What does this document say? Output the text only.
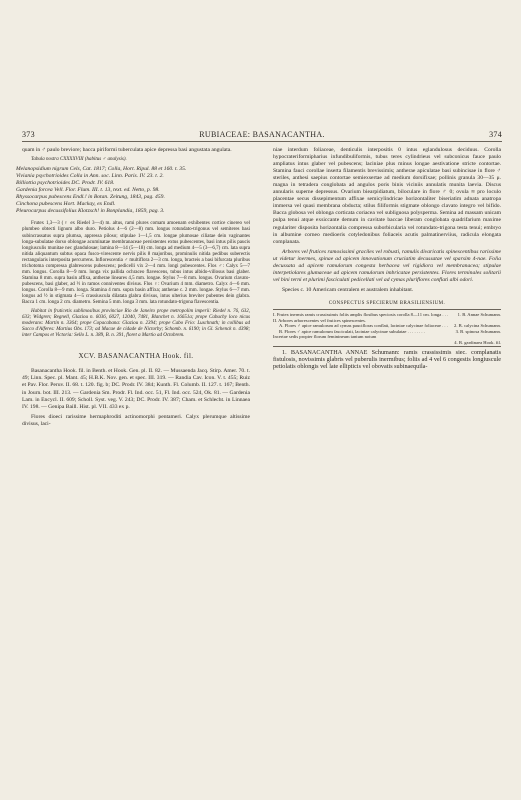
373	RUBIACEAE: BASANACANTHA.	374

quam in ♂ paulo breviore; bacca piriformi tuberculata apice depressa basi angustata angulata.

Tabula nostra CXXXXVIII (habitus ♂ analysis).

Melanopsidium nigrum Cels, Cat. 1817; Colla, Hort. Ripul. 88 et 160. t. 35.

Viviania psychotrioides Colla in Ann. soc. Linn. Paris. IV. 23. t. 2.

Billiottia psychotrioides DC. Prodr. IV. 618.

Gardenia forcea Vell. Flor. Flum. III. t. 13, text. ed. Netto, p. 98.

Rhyssocarpus pubescens Endl.! in Botan. Zeitung, 1843, pag. 459.

Cinchona pubescens Hort. Mackay, ex Endl.

Pleurocarpus decussifolius Klotzsch! in Bonplandia, 1859, pag. 3.

Frutex 1,3—3 (♀ ex Riedel 3—4) m. altus, rami plures comam amoenam exhibentes cortice cinereo vel plumbeo obtecti lignum albo duro. Petiolus 4—6 (2—8) mm. longus rotundato-trigonus vel semiteres basi subincrassatus supra plumsa, appressa piloso; stipulae 1—1,5 cm. longae plumosae ciliatae dein vaginantes longa-subulatae dorso oblongae acuminatae membranaceae persistentes extus pubescentes, basi intus pilis paucis longiusculis munitae nec glandulosae; lamina 8—14 (5—18) cm. longa ad medium 4—5 (3—6,7) cm. lata supra nitida aliquantum subtus opaca fusco-virescente nervis pilis 8 majoribus, prominulis nitida pedibus suberectis rectangularis interposita percurrens. Inflorescentia ♂ multiflora 2—3 cm. longa, bracteis a basi bifurcata pluribus trichotoma compressa glabrescens pubescens; pedicelli vix 2—4 mm. longi pubescentes. Flos ♂: Calyx 5—7 mm. longus. Corolla 8—9 mm. longa vix pallida ochraceo flavescens, tubus intus albido-villosus basi glaber. Stamina 8 mm. supra basin affixa, antherae lineares 4,5 mm. longae. Stylus 7—8 mm. longus. Ovarium clavato-pubescens, basi glaber, ad ½ in ramos conniventes divisus. Flos ♀: Ovarium 4 mm. diametro. Calyx 4—6 mm. longus. Corolla 8—9 mm. longa. Stamina 4 mm. supra basin affixa; antherae c. 2 mm. longae. Stylus 6—7 mm. longus ad ½ in stigmata 4—5 crassiuscula dilatata glabra divisus, intus ulterius breviter pubentes dein glabra. Bacca 1 cm. longa 2 cm. diametro. Semina 5 mm. longa 3 mm. lata rotundato-trigona flavescentia.

Habitat in fruticetis sublimosibus provinciae Rio de Janeiro prope metropolim imperii: Riedel n. 76, 632, 633; Widgren; Regnell, Glaziou n. 6036, 6027, 12040, 7481, Blanchet n. 16651a; prope Cabuchy loco nicus moderans: Martin n. 3364; prope Copacabana: Glaziou n. 2394; prope Cabo Frio: Luschnath; in collibus ad Sacco d'Alferes: Martius Obs. 173; ad Macae de cidade de Nictorby; Schomb. n. 6190; in Gl. Schenck n. 4398; inter Campos et Victoria: Sello L. n. 389, B. n. 391, floret a Martio ad Octobrem.

XCV. BASANACANTHA Hook. fil.

Basanacantha Hook. fil. in Benth. et Hook. Gen. pl. II. 82. — Mussaenda Jacq. Stirp. Amer. 70. t. 49; Linn. Spec. pl. Mant. 45; H.B.K. Nov. gen. et spec. III. 319. — Randia Cav. Icon. V. t. 455; Ruiz et Pav. Flor. Peruv. II. 68. t. 120. fig. b; DC. Prodr. IV. 384; Kunth. Fl. Columb. II. 127. t. 167; Benth. in Journ. bot. III. 213. — Gardenia Sm. Prodr. Fl. Ind. occ. 51, Fl. Ind. occ. 524, Ok. 81. — Gardenia Lam. in Encycl. II. 609; Scholl. Syst. veg. V. 243; DC. Prodr. IV. 387; Cham. et Schlecht. in Linnaea IV. 198. — Genipa Baill. Hist. pl. VII. 433 ex p.

Flores dioeci rarissime hermaphroditi actinomorphi pentameri. Calyx plerumque altissime divisus, laci-

niae interdum foliaceae, denticulis interpositis 0 intus eglandulosus deciduus. Corolla hypocrateriformipharius infundibuliformis, tubus teres cylindrieus vel subconicus fauce paulo ampliatus intus glaber vel pubescens; laciniae plus minus longae aestivatione stricte contortae. Stamina fauci corollae inserta filamentis brevissimis; antherae apiculatae basi subincisae in flore ♂ steriles, anthesi saepius contortae semiexsertae ad medium dorsifixae; pollinis granula 30—35 μ. magna in tetradera conglobata ad angulos poris binis viciniis annulatis munita laevia. Discus annularis superne depressus. Ovarium biearpidiatum, biloculare in flore ♂ 0; ovula ∞ pro loculo placentae secus dissepimentum affixae semicylindricae horizontaliter biseriatim adnata anatropa immersa vel quasi membrana obducta; stilus filiformis stigmate oblongo clavato integro vel bifido. Bacca globosa vel oblonga corticata coriacea vel subliguosa polysperma. Semina ad massam unicam pulpa tenui atque exsiccante demum in cavitate baccae liberam conglobata quadrifarium maxime regulariter disposita horizontalia compressa suborbicularia vel rotundato-trigona testa tenui; embryo in albumine corneo medioeris cotyledonibus foliaceis acutis palmatinerviius, radicula elongata complanata.

Arbores vel frutices ramosissimi graciles vel robusti, ramulis divaricatis spinescentibus rarissime ut videtur inermes, spinae ad apicem innovationum cruciatim decussatae vel sparsim 4-nae. Folia decussata ad apicem ramulorum congesta herbacea vel rigidiora vel membranacea; stipulae interpetiolares glumaceae ad apicem ramulorum imbricatae persistentes. Flores terminales solitarii vel bini terni et plurimi fasciculati pedicellati vel ad cymas pluriflores conflati albi odori.

Species c. 10 Americam centralem et australem inhabitant.

CONSPECTUS SPECIERUM BRASILIENSIUM.
I. Frutex inermis ramis crassissimis foliis amplis flosibus speciosis corolla 8—11 cm. longa . . .	1. B. Annae Schumann.
II. Arbores arborescentes vel frutices spinescentes.
A. Flores ♂ apice ramulorum ad cymas paucifloras conflati, laciniae calycinae foliaceae . . .	2. B. calycina Schumann.
B. Flores ♂ apice ramulorum fasciculati, laciniae calycinae subulatae . . . . . . . .	3. B. spinosa Schumann.
Incertae sedis propter florum feminineum tantum notum
4. B. gardinaea Hook. fil.

1. BASANACANTHA ANNAE Schumann: ramis crassissimis siec. complanatis fistulosis, novissimis glabris vel puberulis inermibus; foliis ad 4 vel 6 congestis longiuscule petiolatis oblongis vel late ellipticis vel obovatis subinaequila-
